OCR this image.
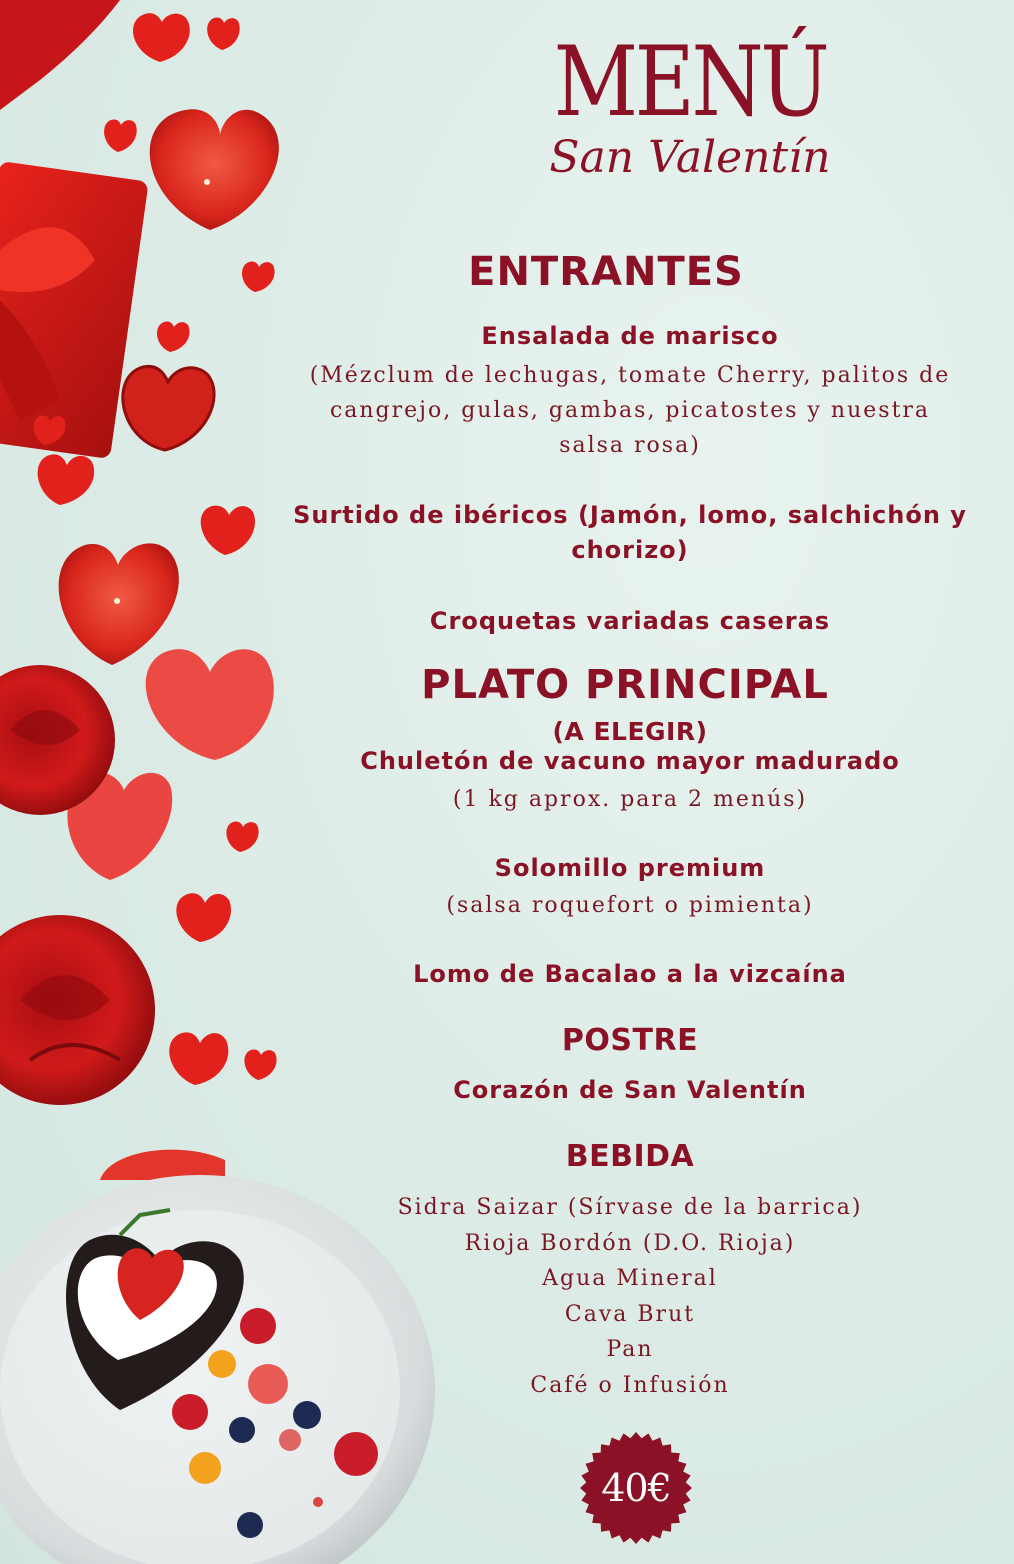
MENÚ
San Valentín
ENTRANTES
Ensalada de marisco
(Mézclum de lechugas, tomate Cherry, palitos de
cangrejo, gulas, gambas, picatostes y nuestra
salsa rosa)
Surtido de ibéricos (Jamón, lomo, salchichón y
chorizo)
Croquetas variadas caseras
PLATO PRINCIPAL
(A ELEGIR)
Chuletón de vacuno mayor madurado
(1 kg aprox. para 2 menús)
Solomillo premium
(salsa roquefort o pimienta)
Lomo de Bacalao a la vizcaína
POSTRE
Corazón de San Valentín
BEBIDA
Sidra Saizar (Sírvase de la barrica)
Rioja Bordón (D.O. Rioja)
Agua Mineral
Cava Brut
Pan
Café o Infusión
40€
